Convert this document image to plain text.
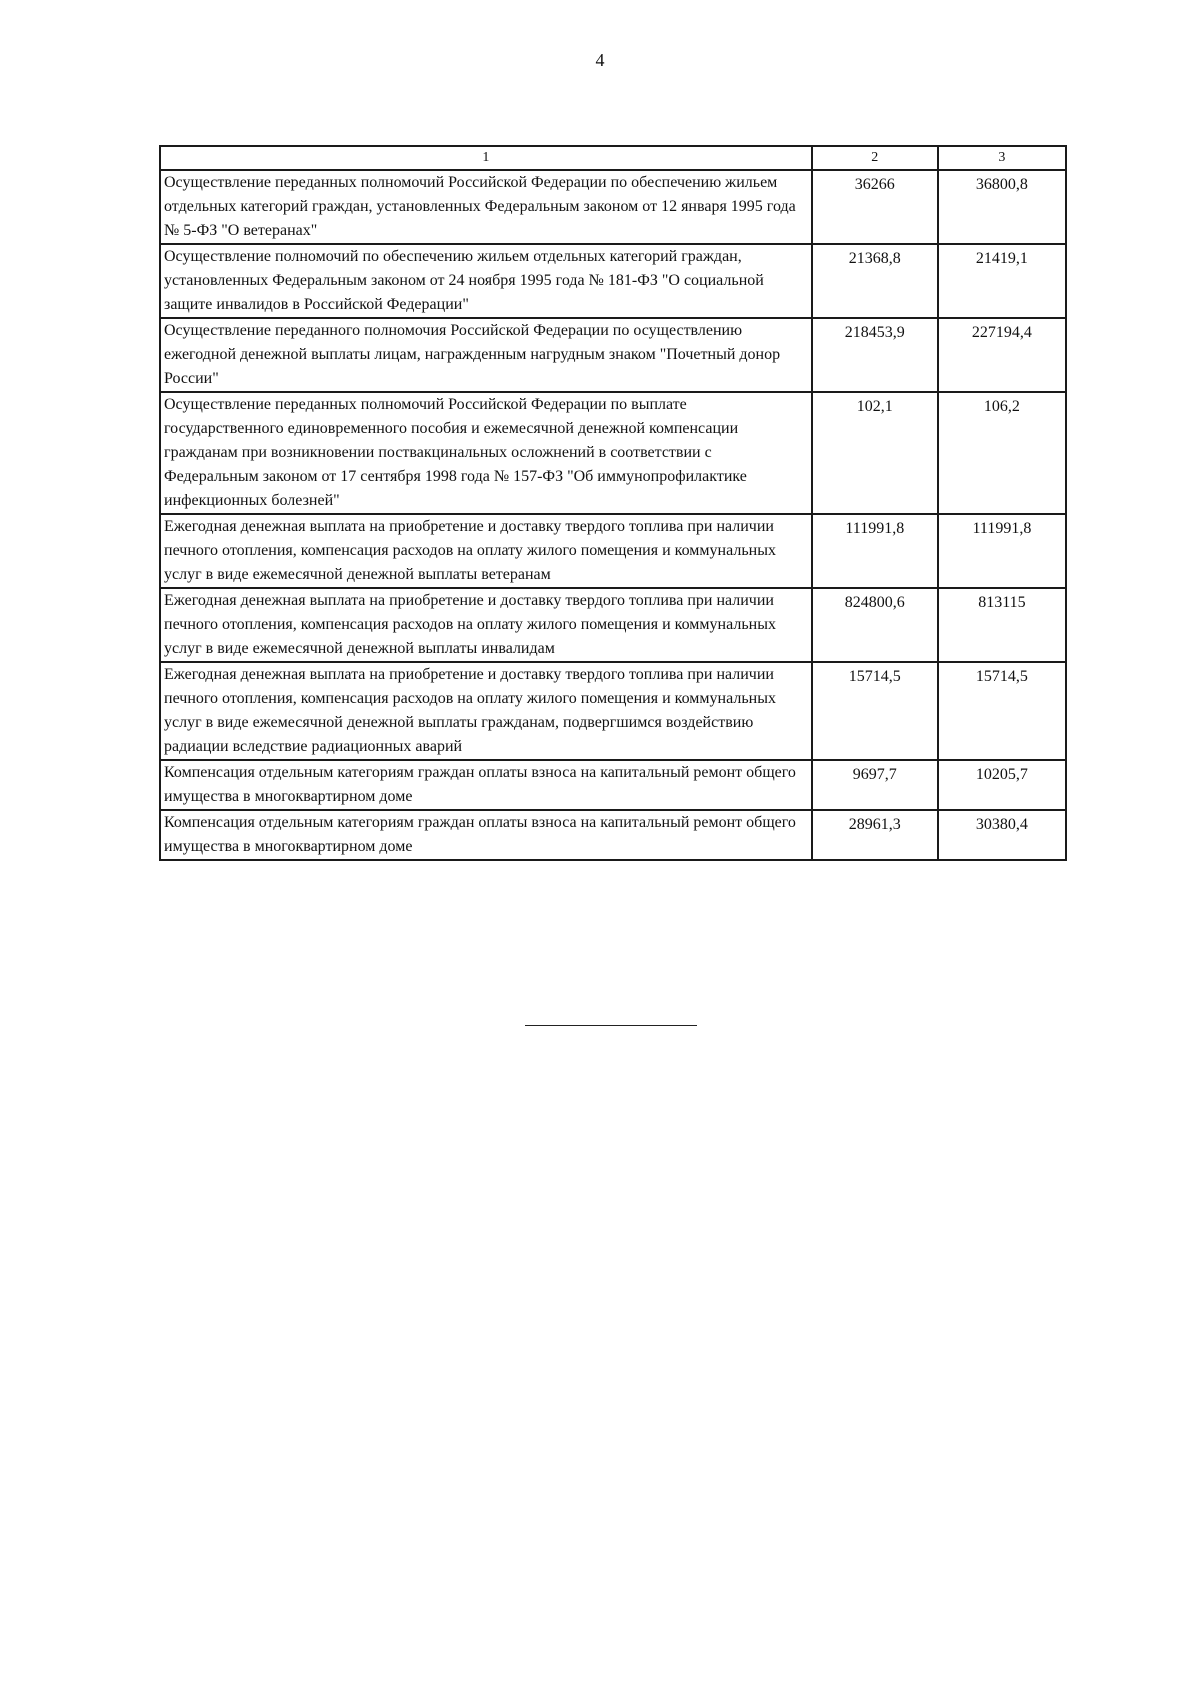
4
1	2	3
Осуществление переданных полномочий Российской Федерации по обеспечению жильем отдельных категорий граждан, установленных Федеральным законом от 12 января 1995 года № 5-ФЗ "О ветеранах"	36266	36800,8
Осуществление полномочий по обеспечению жильем отдельных категорий граждан, установленных Федеральным законом от 24 ноября 1995 года № 181-ФЗ "О социальной защите инвалидов в Российской Федерации"	21368,8	21419,1
Осуществление переданного полномочия Российской Федерации по осуществлению ежегодной денежной выплаты лицам, награжденным нагрудным знаком "Почетный донор России"	218453,9	227194,4
Осуществление переданных полномочий Российской Федерации по выплате государственного единовременного пособия и ежемесячной денежной компенсации гражданам при возникновении поствакцинальных осложнений в соответствии с Федеральным законом от 17 сентября 1998 года № 157-ФЗ "Об иммунопрофилактике инфекционных болезней"	102,1	106,2
Ежегодная денежная выплата на приобретение и доставку твердого топлива при наличии печного отопления, компенсация расходов на оплату жилого помещения и коммунальных услуг в виде ежемесячной денежной выплаты ветеранам	111991,8	111991,8
Ежегодная денежная выплата на приобретение и доставку твердого топлива при наличии печного отопления, компенсация расходов на оплату жилого помещения и коммунальных услуг в виде ежемесячной денежной выплаты инвалидам	824800,6	813115
Ежегодная денежная выплата на приобретение и доставку твердого топлива при наличии печного отопления, компенсация расходов на оплату жилого помещения и коммунальных услуг в виде ежемесячной денежной выплаты гражданам, подвергшимся воздействию радиации вследствие радиационных аварий	15714,5	15714,5
Компенсация отдельным категориям граждан оплаты взноса на капитальный ремонт общего имущества в многоквартирном доме	9697,7	10205,7
Компенсация отдельным категориям граждан оплаты взноса на капитальный ремонт общего имущества в многоквартирном доме	28961,3	30380,4
